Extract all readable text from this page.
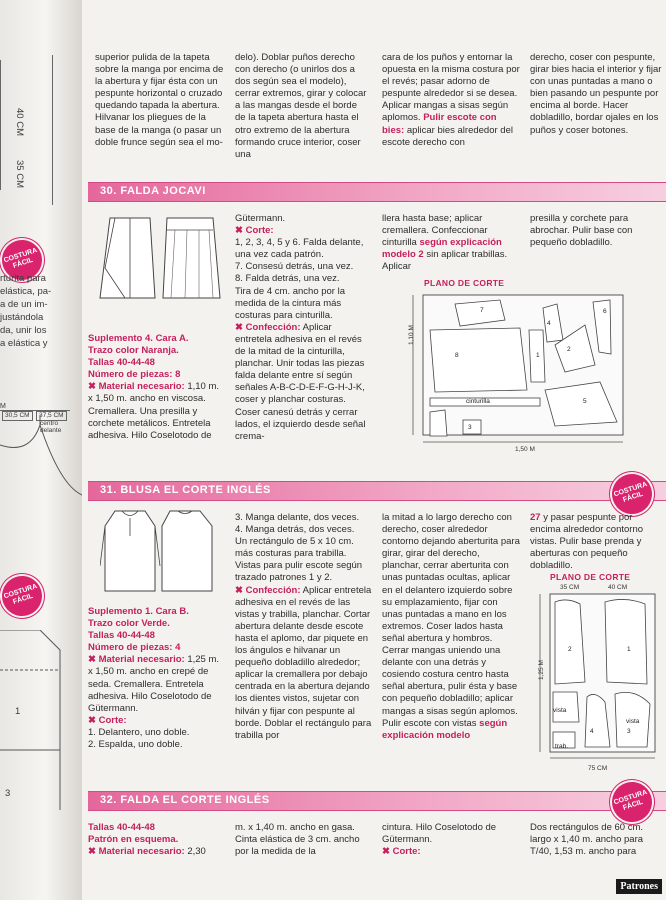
40 CM
35 CM
COSTURA FÁCIL
rturita para
elástica, pa-
a de un im-
justándola
da, unir los
a elástica y
M
30,5 CM	37,5 CM
centro
delante
COSTURA FÁCIL
1
3

superior pulida de la tapeta sobre la manga por encima de la abertura y fijar ésta con un pespunte horizontal o cruzado quedando tapada la abertura. Hilvanar los pliegues de la base de la manga (o pasar un doble frunce según sea el mo-

delo). Doblar puños derecho con derecho (o unirlos dos a dos según sea el modelo), cerrar extremos, girar y colocar a las mangas desde el borde de la tapeta abertura hasta el otro extremo de la abertura formando cruce interior, coser una

cara de los puños y entornar la opuesta en la misma costura por el revés; pasar adorno de pespunte alrededor si se desea. Aplicar mangas a sisas según aplomos. Pulir escote con bies: aplicar bies alrededor del escote derecho con

derecho, coser con pespunte, girar bies hacia el interior y fijar con unas puntadas a mano o bien pasando un pespunte por encima al borde. Hacer dobladillo, bordar ojales en los puños y coser botones.

30. FALDA JOCAVI

Suplemento 4. Cara A.

Trazo color Naranja.

Tallas 40-44-48

Número de piezas: 8

✖ Material necesario: 1,10 m. x 1,50 m. ancho en viscosa. Cremallera. Una presilla y corchete metálicos. Entretela adhesiva. Hilo Coselotodo de

Gütermann.

✖ Corte:

1, 2, 3, 4, 5 y 6. Falda delante, una vez cada patrón.

7. Consesú detrás, una vez.

8. Falda detrás, una vez.

Tira de 4 cm. ancho por la medida de la cintura más costuras para cinturilla.

✖ Confección: Aplicar entretela adhesiva en el revés de la mitad de la cinturilla, planchar. Unir todas las piezas falda delante entre sí según señales A-B-C-D-E-F-G-H-J-K, coser y planchar costuras. Coser canesú detrás y cerrar lados, el izquierdo desde señal crema-

llera hasta base; aplicar cremallera. Confeccionar cinturilla según explicación modelo 2 sin aplicar trabillas. Aplicar

presilla y corchete para abrochar. Pulir base con pequeño dobladillo.

PLANO DE CORTE
1,10 M
1,50 M
7
4
6
8
2
1
5
cinturilla
3
31. BLUSA EL CORTE INGLÉS	COSTURA FÁCIL

Suplemento 1. Cara B.

Trazo color Verde.

Tallas 40-44-48

Número de piezas: 4

✖ Material necesario: 1,25 m. x 1,50 m. ancho en crepé de seda. Cremallera. Entretela adhesiva. Hilo Coselotodo de Gütermann.

✖ Corte:

1. Delantero, uno doble.

2. Espalda, uno doble.

3. Manga delante, dos veces.

4. Manga detrás, dos veces.

Un rectángulo de 5 x 10 cm. más costuras para trabilla.

Vistas para pulir escote según trazado patrones 1 y 2.

✖ Confección: Aplicar entretela adhesiva en el revés de las vistas y trabilla, planchar. Cortar abertura delante desde escote hasta el aplomo, dar piquete en los ángulos e hilvanar un pequeño dobladillo alrededor; aplicar la cremallera por debajo centrada en la abertura dejando los dientes vistos, sujetar con hilván y fijar con pespunte al borde. Doblar el rectángulo para trabilla por

la mitad a lo largo derecho con derecho, coser alrededor contorno dejando aberturita para girar, girar del derecho, planchar, cerrar aberturita con unas puntadas ocultas, aplicar en el delantero izquierdo sobre su emplazamiento, fijar con unas puntadas a mano en los extremos. Coser lados hasta señal abertura y hombros. Cerrar mangas uniendo una delante con una detrás y cosiendo costura centro hasta señal abertura, pulir ésta y base con pequeño dobladillo; aplicar mangas a sisas según aplomos. Pulir escote con vistas según explicación modelo

27 y pasar pespunte por encima alrededor contorno vistas. Pulir base prenda y aberturas con pequeño dobladillo.

PLANO DE CORTE
35 CM	40 CM
1,25 M
75 CM
2	1
vista
vista
4	3
trab.
32. FALDA EL CORTE INGLÉS	COSTURA FÁCIL

Tallas 40-44-48

Patrón en esquema.

✖ Material necesario: 2,30

m. x 1,40 m. ancho en gasa. Cinta elástica de 3 cm. ancho por la medida de la

cintura. Hilo Coselotodo de Gütermann.

✖ Corte:

Dos rectángulos de 60 cm. largo x 1,40 m. ancho para T/40, 1,53 m. ancho para

Patrones
